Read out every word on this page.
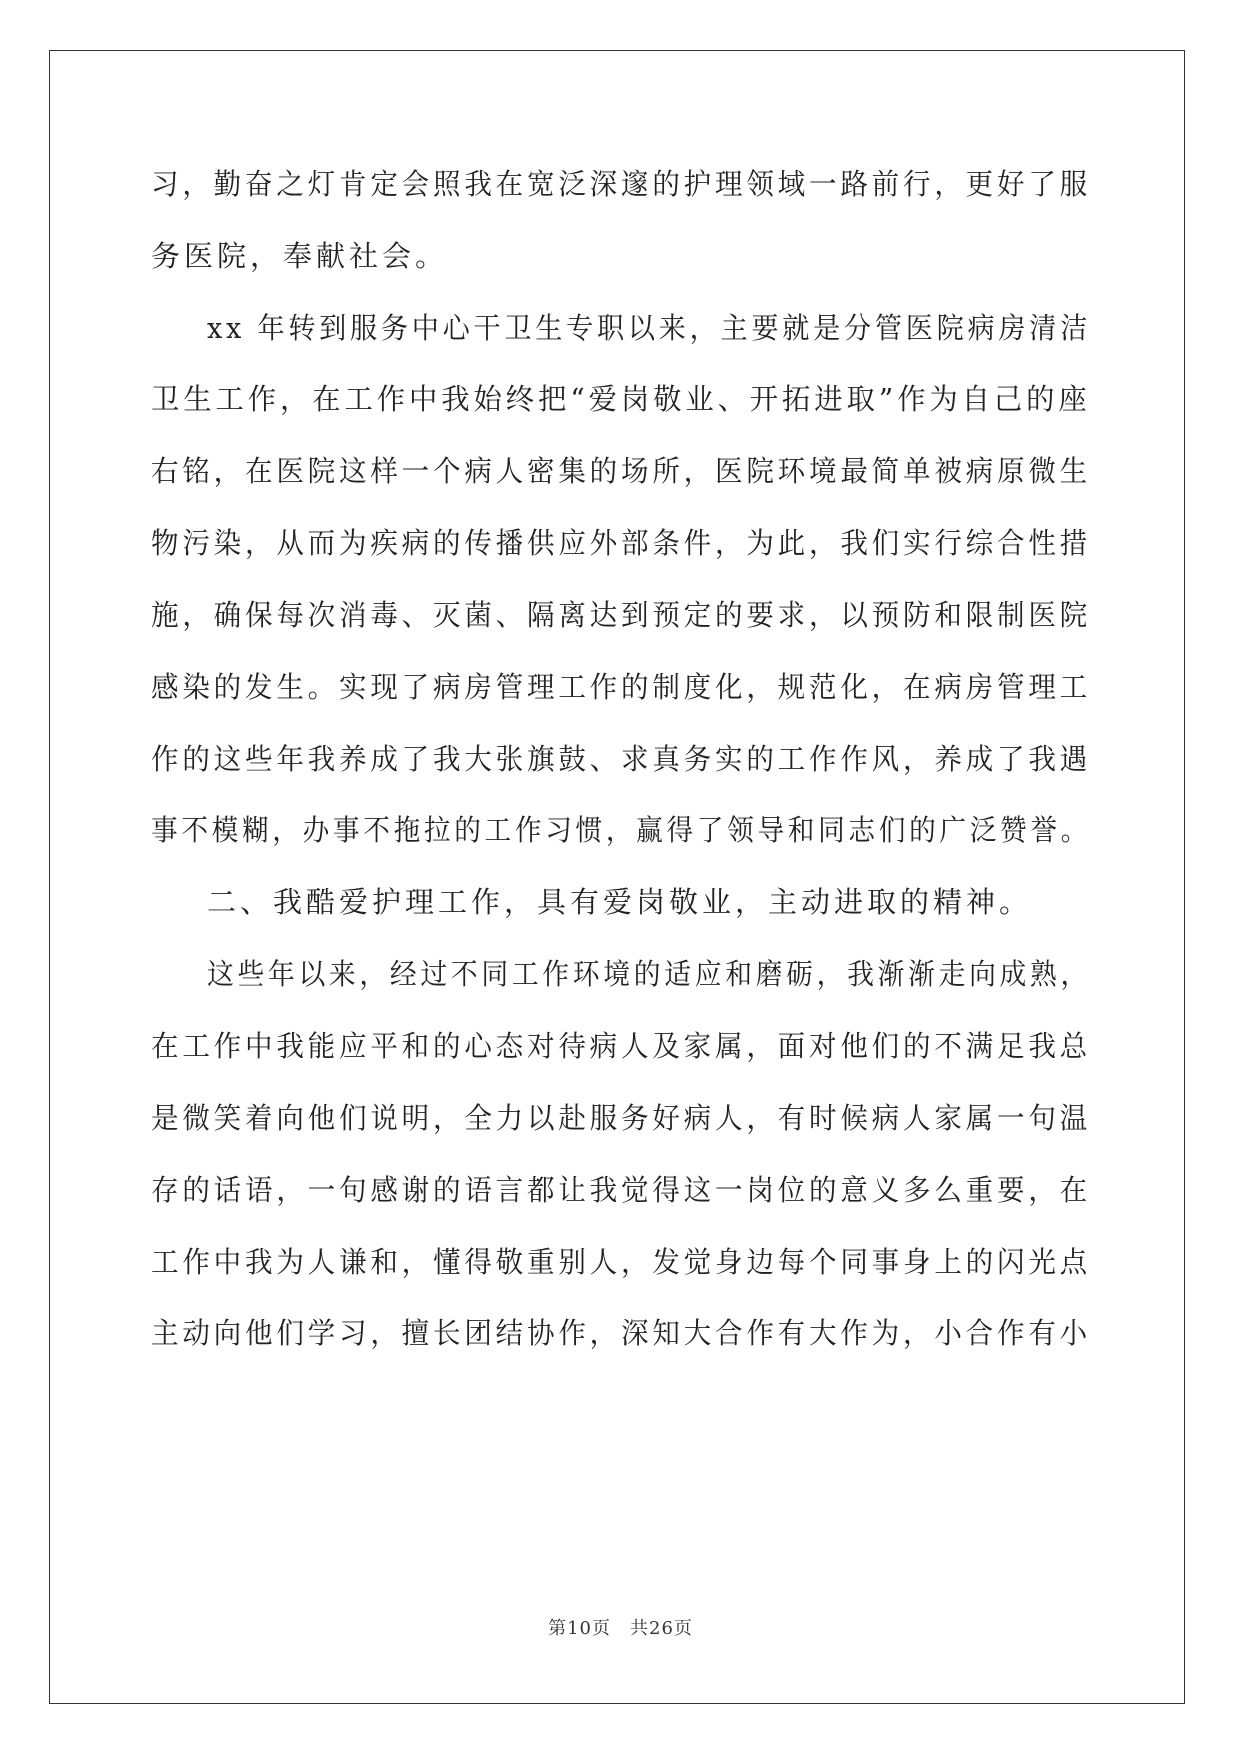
习，勤奋之灯肯定会照我在宽泛深邃的护理领域一路前行，更好了服
务医院，奉献社会。
xx 年转到服务中心干卫生专职以来，主要就是分管医院病房清洁
卫生工作，在工作中我始终把“爱岗敬业、开拓进取”作为自己的座
右铭，在医院这样一个病人密集的场所，医院环境最简单被病原微生
物污染，从而为疾病的传播供应外部条件，为此，我们实行综合性措
施，确保每次消毒、灭菌、隔离达到预定的要求，以预防和限制医院
感染的发生。实现了病房管理工作的制度化，规范化，在病房管理工
作的这些年我养成了我大张旗鼓、求真务实的工作作风，养成了我遇
事不模糊，办事不拖拉的工作习惯，赢得了领导和同志们的广泛赞誉。
二、我酷爱护理工作，具有爱岗敬业，主动进取的精神。
这些年以来，经过不同工作环境的适应和磨砺，我渐渐走向成熟，
在工作中我能应平和的心态对待病人及家属，面对他们的不满足我总
是微笑着向他们说明，全力以赴服务好病人，有时候病人家属一句温
存的话语，一句感谢的语言都让我觉得这一岗位的意义多么重要，在
工作中我为人谦和，懂得敬重别人，发觉身边每个同事身上的闪光点
主动向他们学习，擅长团结协作，深知大合作有大作为，小合作有小
第10页　共26页
